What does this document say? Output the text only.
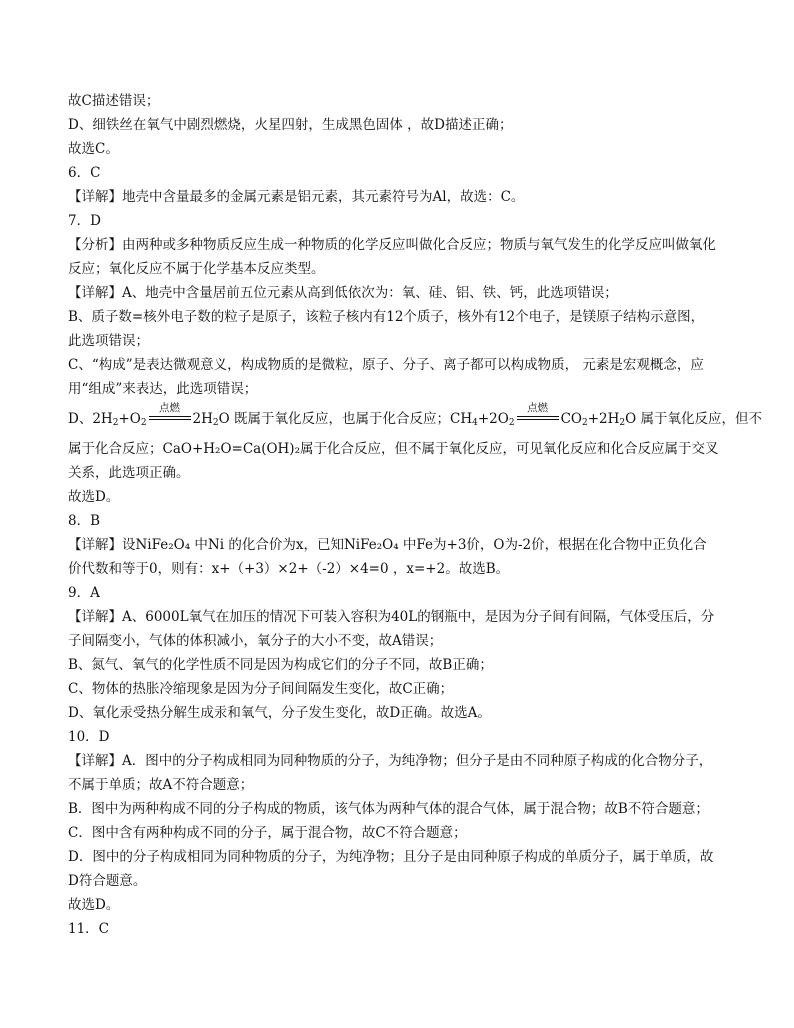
故C描述错误；
D、细铁丝在氧气中剧烈燃烧，火星四射，生成黑色固体 ，故D描述正确；
故选C。
6．C
【详解】地壳中含量最多的金属元素是铝元素，其元素符号为Al，故选：C。
7．D
【分析】由两种或多种物质反应生成一种物质的化学反应叫做化合反应；物质与氧气发生的化学反应叫做氧化
反应；氧化反应不属于化学基本反应类型。
【详解】A、地壳中含量居前五位元素从高到低依次为：氧、硅、铝、铁、钙，此选项错误；
B、质子数=核外电子数的粒子是原子，该粒子核内有12个质子，核外有12个电子，是镁原子结构示意图，
此选项错误；
C、“构成”是表达微观意义，构成物质的是微粒，原子、分子、离子都可以构成物质， 元素是宏观概念，应
用“组成”来表达，此选项错误；
D、$2H_2+O_2$
点燃
$2H_2O$ 既属于氧化反应，也属于化合反应；$CH_4+2O_2$
点燃
$CO_2+2H_2O$ 属于氧化反应，但不
属于化合反应；CaO+H₂O=Ca(OH)₂属于化合反应，但不属于氧化反应，可见氧化反应和化合反应属于交叉
关系，此选项正确。
故选D。
8．B
【详解】设NiFe₂O₄ 中Ni 的化合价为x，已知NiFe₂O₄ 中Fe为+3价，O为-2价，根据在化合物中正负化合
价代数和等于0，则有：x+（+3）×2+（-2）×4=0 ，x=+2。故选B。
9．A
【详解】A、6000L氧气在加压的情况下可装入容积为40L的钢瓶中，是因为分子间有间隔，气体受压后，分
子间隔变小，气体的体积减小，氧分子的大小不变，故A错误；
B、氮气、氧气的化学性质不同是因为构成它们的分子不同，故B正确；
C、物体的热胀冷缩现象是因为分子间间隔发生变化，故C正确；
D、氧化汞受热分解生成汞和氧气，分子发生变化，故D正确。故选A。
10．D
【详解】A．图中的分子构成相同为同种物质的分子，为纯净物；但分子是由不同种原子构成的化合物分子，
不属于单质；故A不符合题意；
B．图中为两种构成不同的分子构成的物质，该气体为两种气体的混合气体，属于混合物；故B不符合题意；
C．图中含有两种构成不同的分子，属于混合物，故C不符合题意；
D．图中的分子构成相同为同种物质的分子，为纯净物；且分子是由同种原子构成的单质分子，属于单质，故
D符合题意。
故选D。
11．C
